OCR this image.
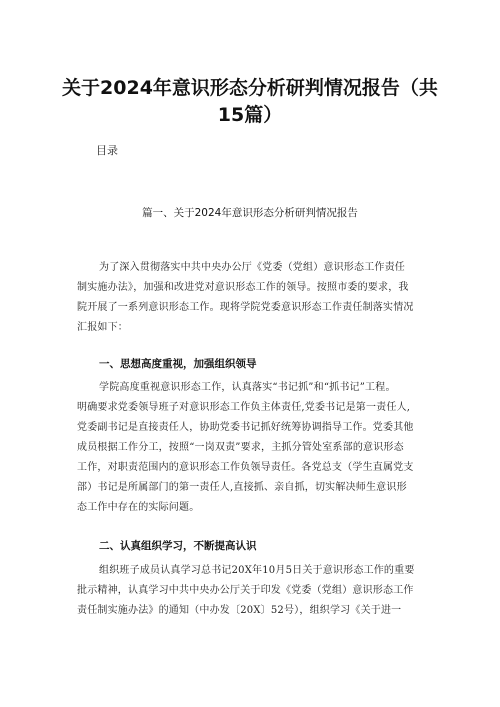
关于2024年意识形态分析研判情况报告（共
15篇）
目录
篇一、关于2024年意识形态分析研判情况报告
为了深入贯彻落实中共中央办公厅《党委（党组）意识形态工作责任
制实施办法》，加强和改进党对意识形态工作的领导。按照市委的要求，我
院开展了一系列意识形态工作。现将学院党委意识形态工作责任制落实情况
汇报如下：
一、思想高度重视，加强组织领导
学院高度重视意识形态工作，认真落实“书记抓”和“抓书记”工程。
明确要求党委领导班子对意识形态工作负主体责任,党委书记是第一责任人,
党委副书记是直接责任人，协助党委书记抓好统筹协调指导工作。党委其他
成员根据工作分工，按照“一岗双责”要求，主抓分管处室系部的意识形态
工作，对职责范围内的意识形态工作负领导责任。各党总支（学生直属党支
部）书记是所属部门的第一责任人,直接抓、亲自抓，切实解决师生意识形
态工作中存在的实际问题。
二、认真组织学习，不断提高认识
组织班子成员认真学习总书记20X年10月5日关于意识形态工作的重要
批示精神，认真学习中共中央办公厅关于印发《党委（党组）意识形态工作
责任制实施办法》的通知（中办发〔20X〕52号），组织学习《关于进一
